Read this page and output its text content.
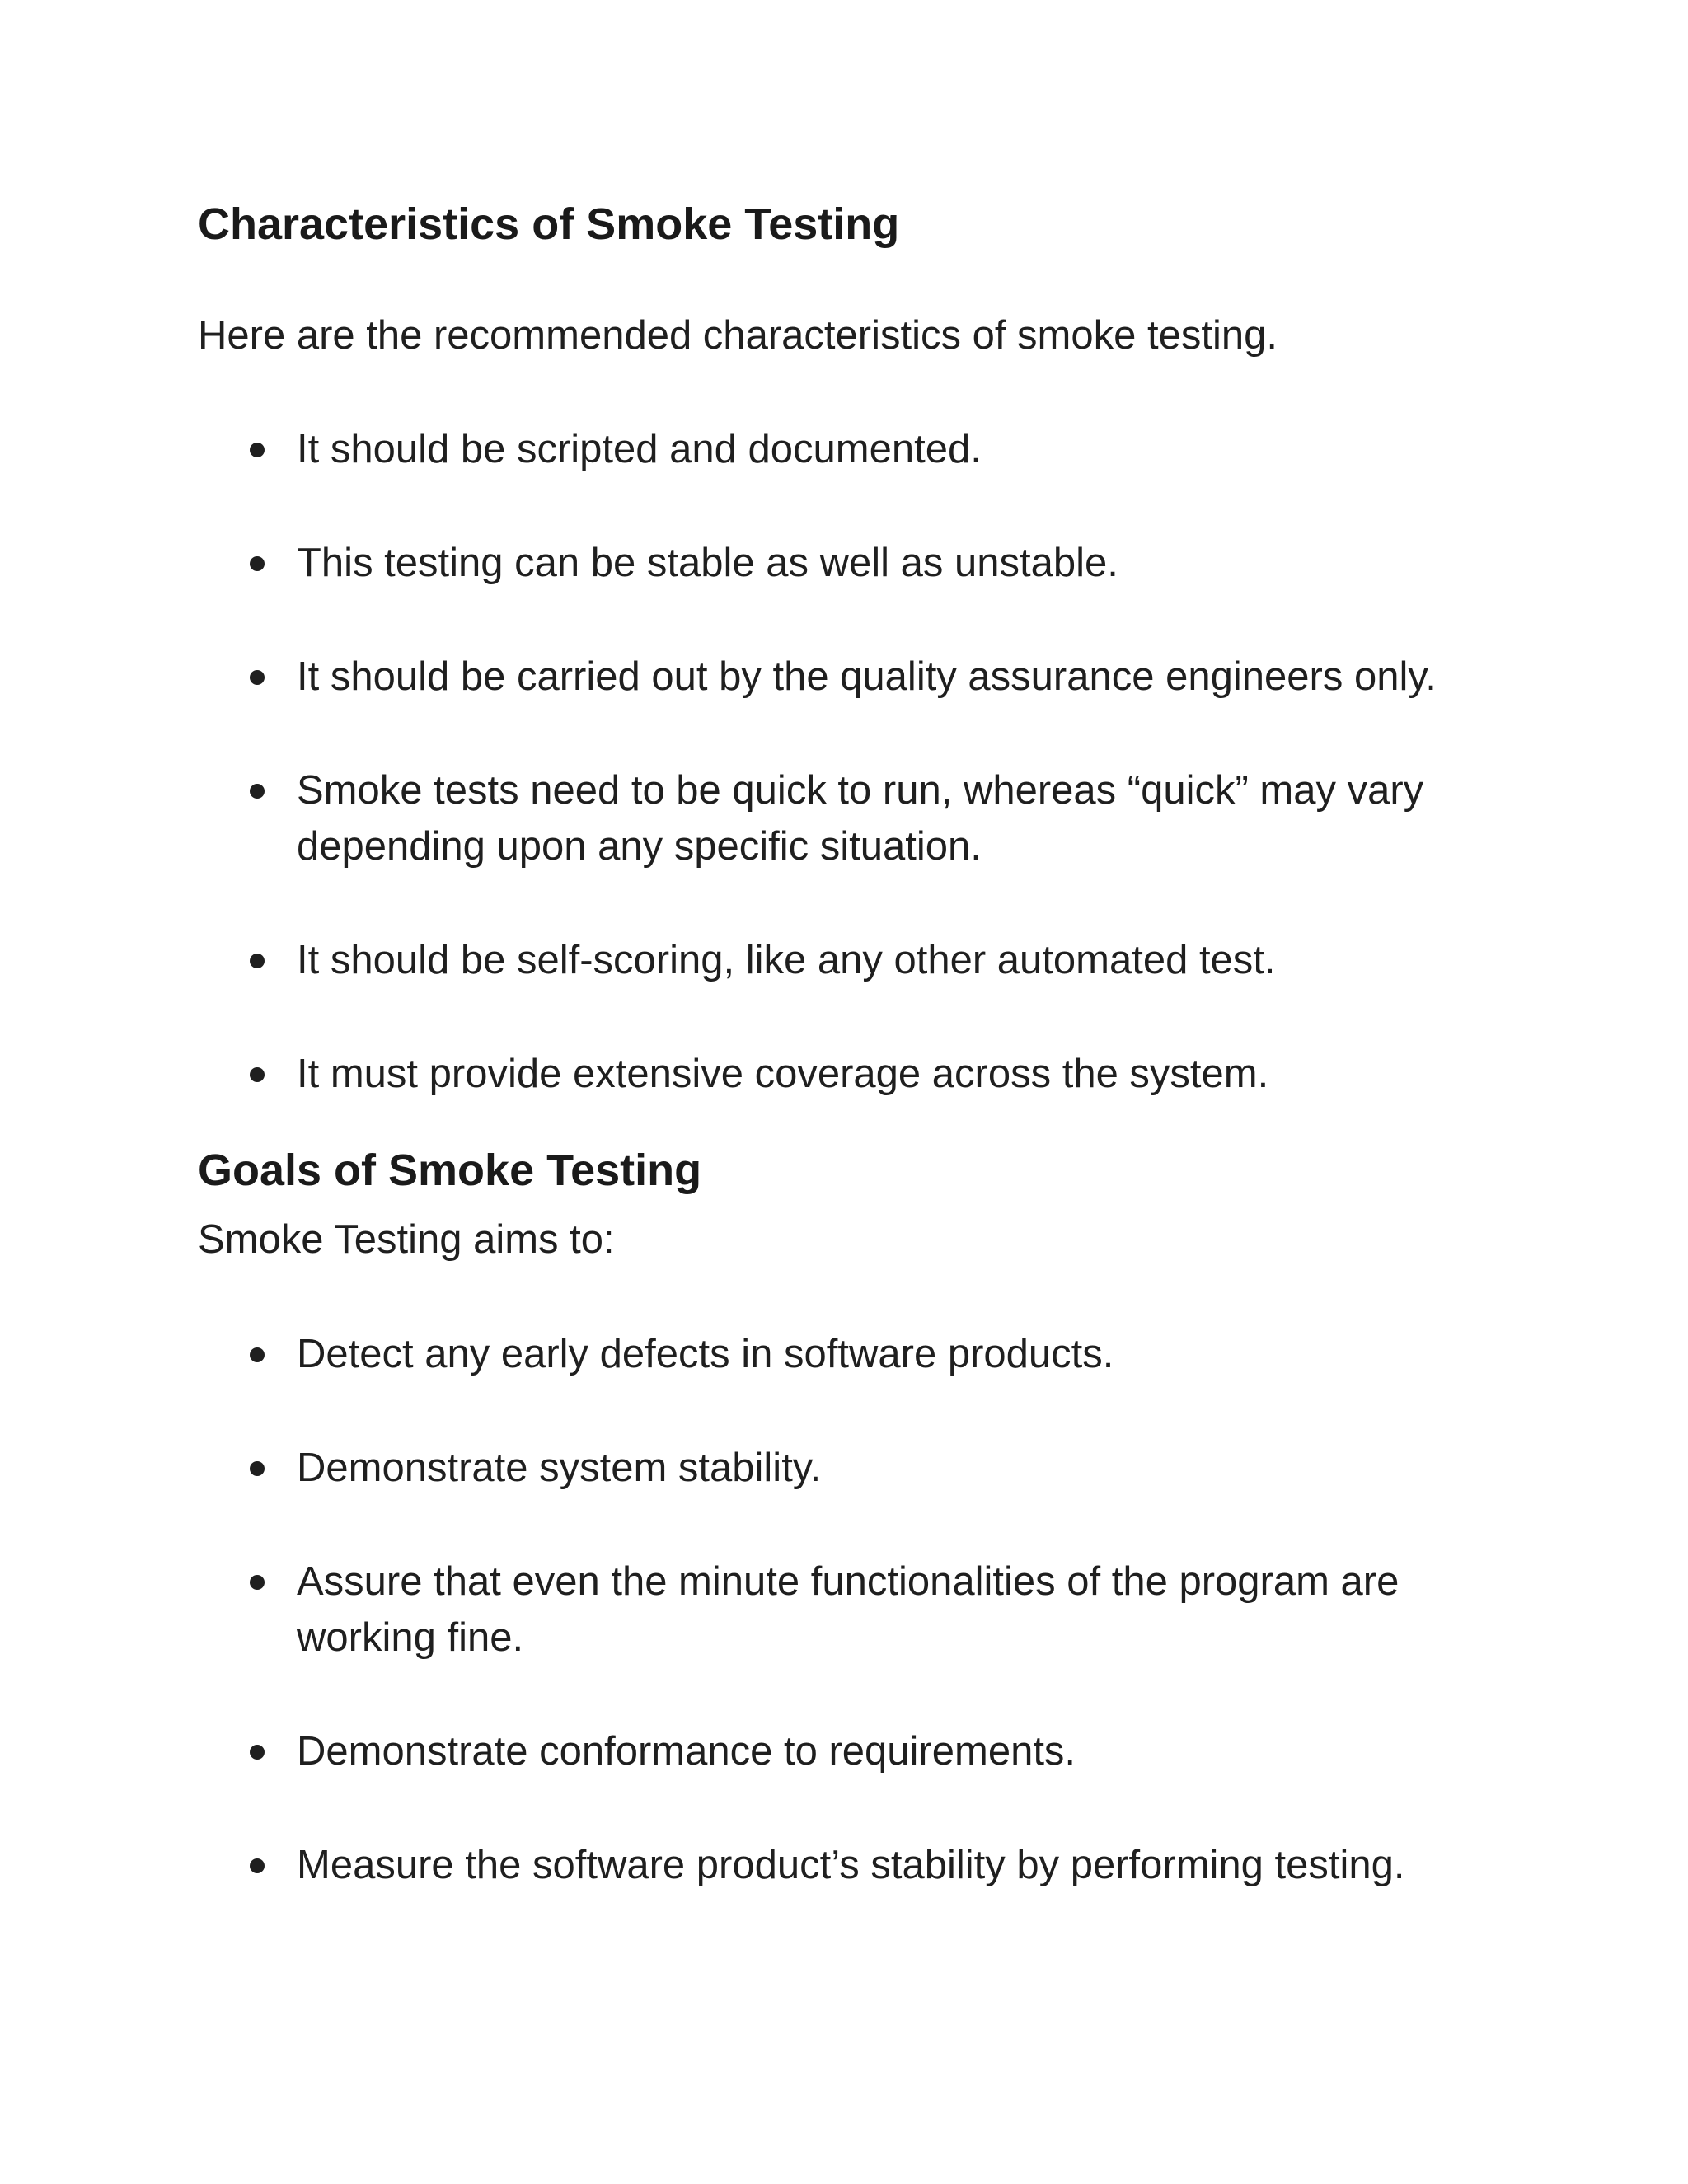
Characteristics of Smoke Testing

Here are the recommended characteristics of smoke testing.

It should be scripted and documented.
This testing can be stable as well as unstable.
It should be carried out by the quality assurance engineers only.
Smoke tests need to be quick to run, whereas “quick” may vary depending upon any specific situation.
It should be self-scoring, like any other automated test.
It must provide extensive coverage across the system.
Goals of Smoke Testing

Smoke Testing aims to:

Detect any early defects in software products.
Demonstrate system stability.
Assure that even the minute functionalities of the program are working fine.
Demonstrate conformance to requirements.
Measure the software product’s stability by performing testing.
